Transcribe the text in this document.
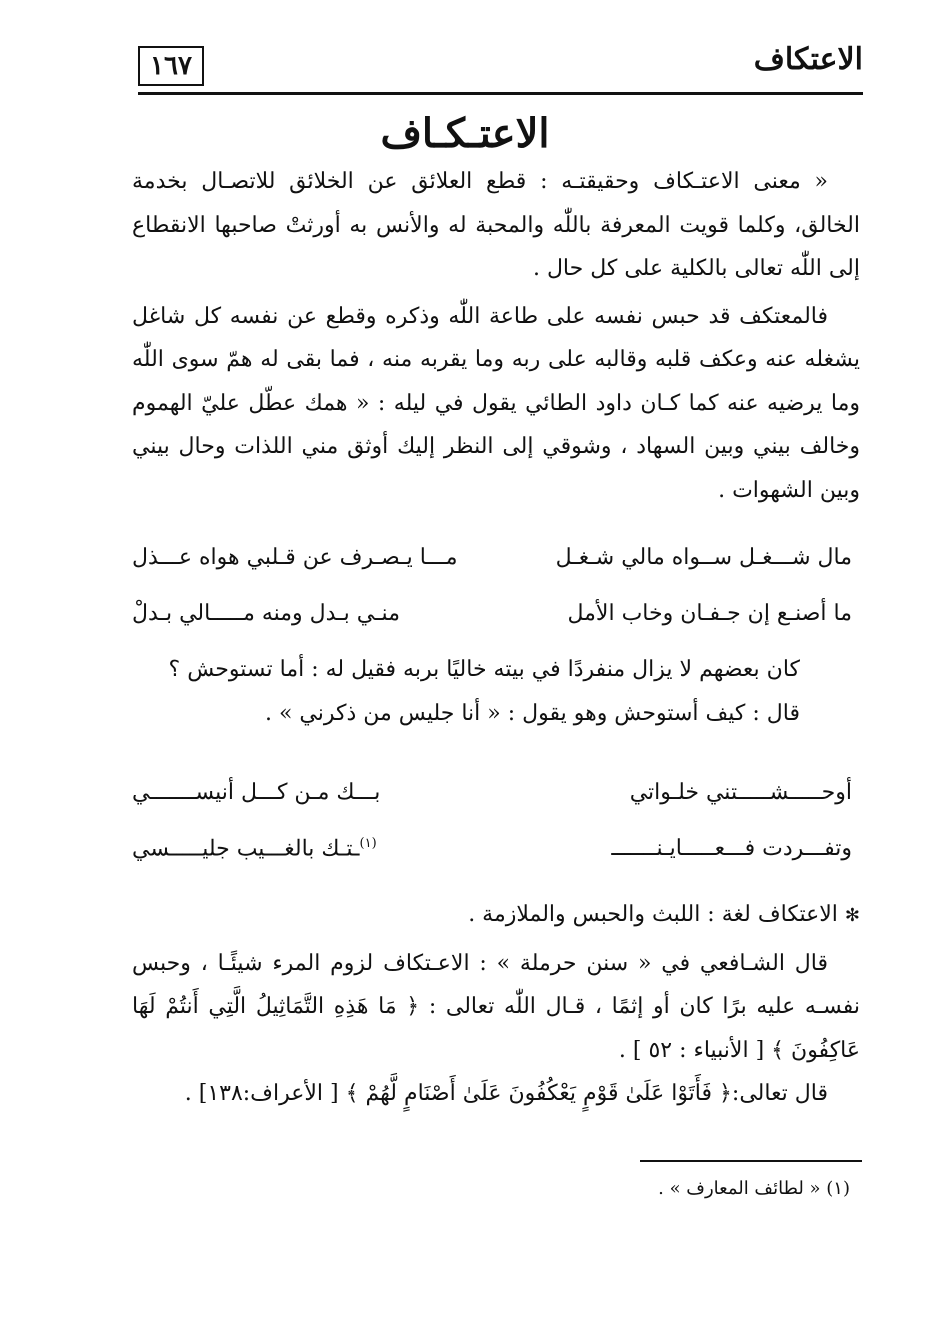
١٦٧	الاعتكاف
الاعتـكـاف

« معنى الاعتـكاف وحقيقتـه : قطع العلائق عن الخلائق للاتصـال بخدمة الخالق، وكلما قويت المعرفة باللّٰه والمحبة له والأنس به أورثتْ صاحبها الانقطاع إلى اللّٰه تعالى بالكلية على كل حال .

فالمعتكف قد حبس نفسه على طاعة اللّٰه وذكره وقطع عن نفسه كل شاغل يشغله عنه وعكف قلبه وقالبه على ربه وما يقربه منه ، فما بقى له همّ سوى اللّٰه وما يرضيه عنه كما كـان داود الطائي يقول في ليله : « همك عطّل عليّ الهموم وخالف بيني وبين السهاد ، وشوقي إلى النظر إليك أوثق مني اللذات وحال بيني وبين الشهوات .

مال شـــغـل ســواه مالي شـغـل
مـــا يـصـرف عن قـلبي هواه عـــذل
ما أصنـع إن جـفـان وخاب الأمل
منـي بـدل ومنه مـــــالي بـدلْ

كان بعضهم لا يزال منفردًا في بيته خاليًا بربه فقيل له : أما تستوحش ؟

قال : كيف أستوحش وهو يقول : « أنا جليس من ذكرني » .

أوحـــــشـــــتني خلـواتي
بـــك مـن كـــل أنيســـــــي
وتفـــردت فـــعـــــايـنـــــــ
$^{(١)}$ـتـك بالغـــيب جليـــــسي

✻ الاعتكاف لغة : اللبث والحبس والملازمة .

قال الشـافعي في « سنن حرملة » : الاعـتكاف لزوم المرء شيئًـا ، وحبس نفسـه عليه برًا كان أو إثمًا ، قـال اللّٰه تعالى : ﴿ مَا هَذِهِ التَّمَاثِيلُ الَّتِي أَنتُمْ لَهَا عَاكِفُونَ ﴾ [ الأنبياء : ٥٢ ] .

قال تعالى:﴿ فَأَتَوْا عَلَىٰ قَوْمٍ يَعْكُفُونَ عَلَىٰ أَصْنَامٍ لَّهُمْ ﴾ [ الأعراف:١٣٨] .

(١) « لطائف المعارف » .
